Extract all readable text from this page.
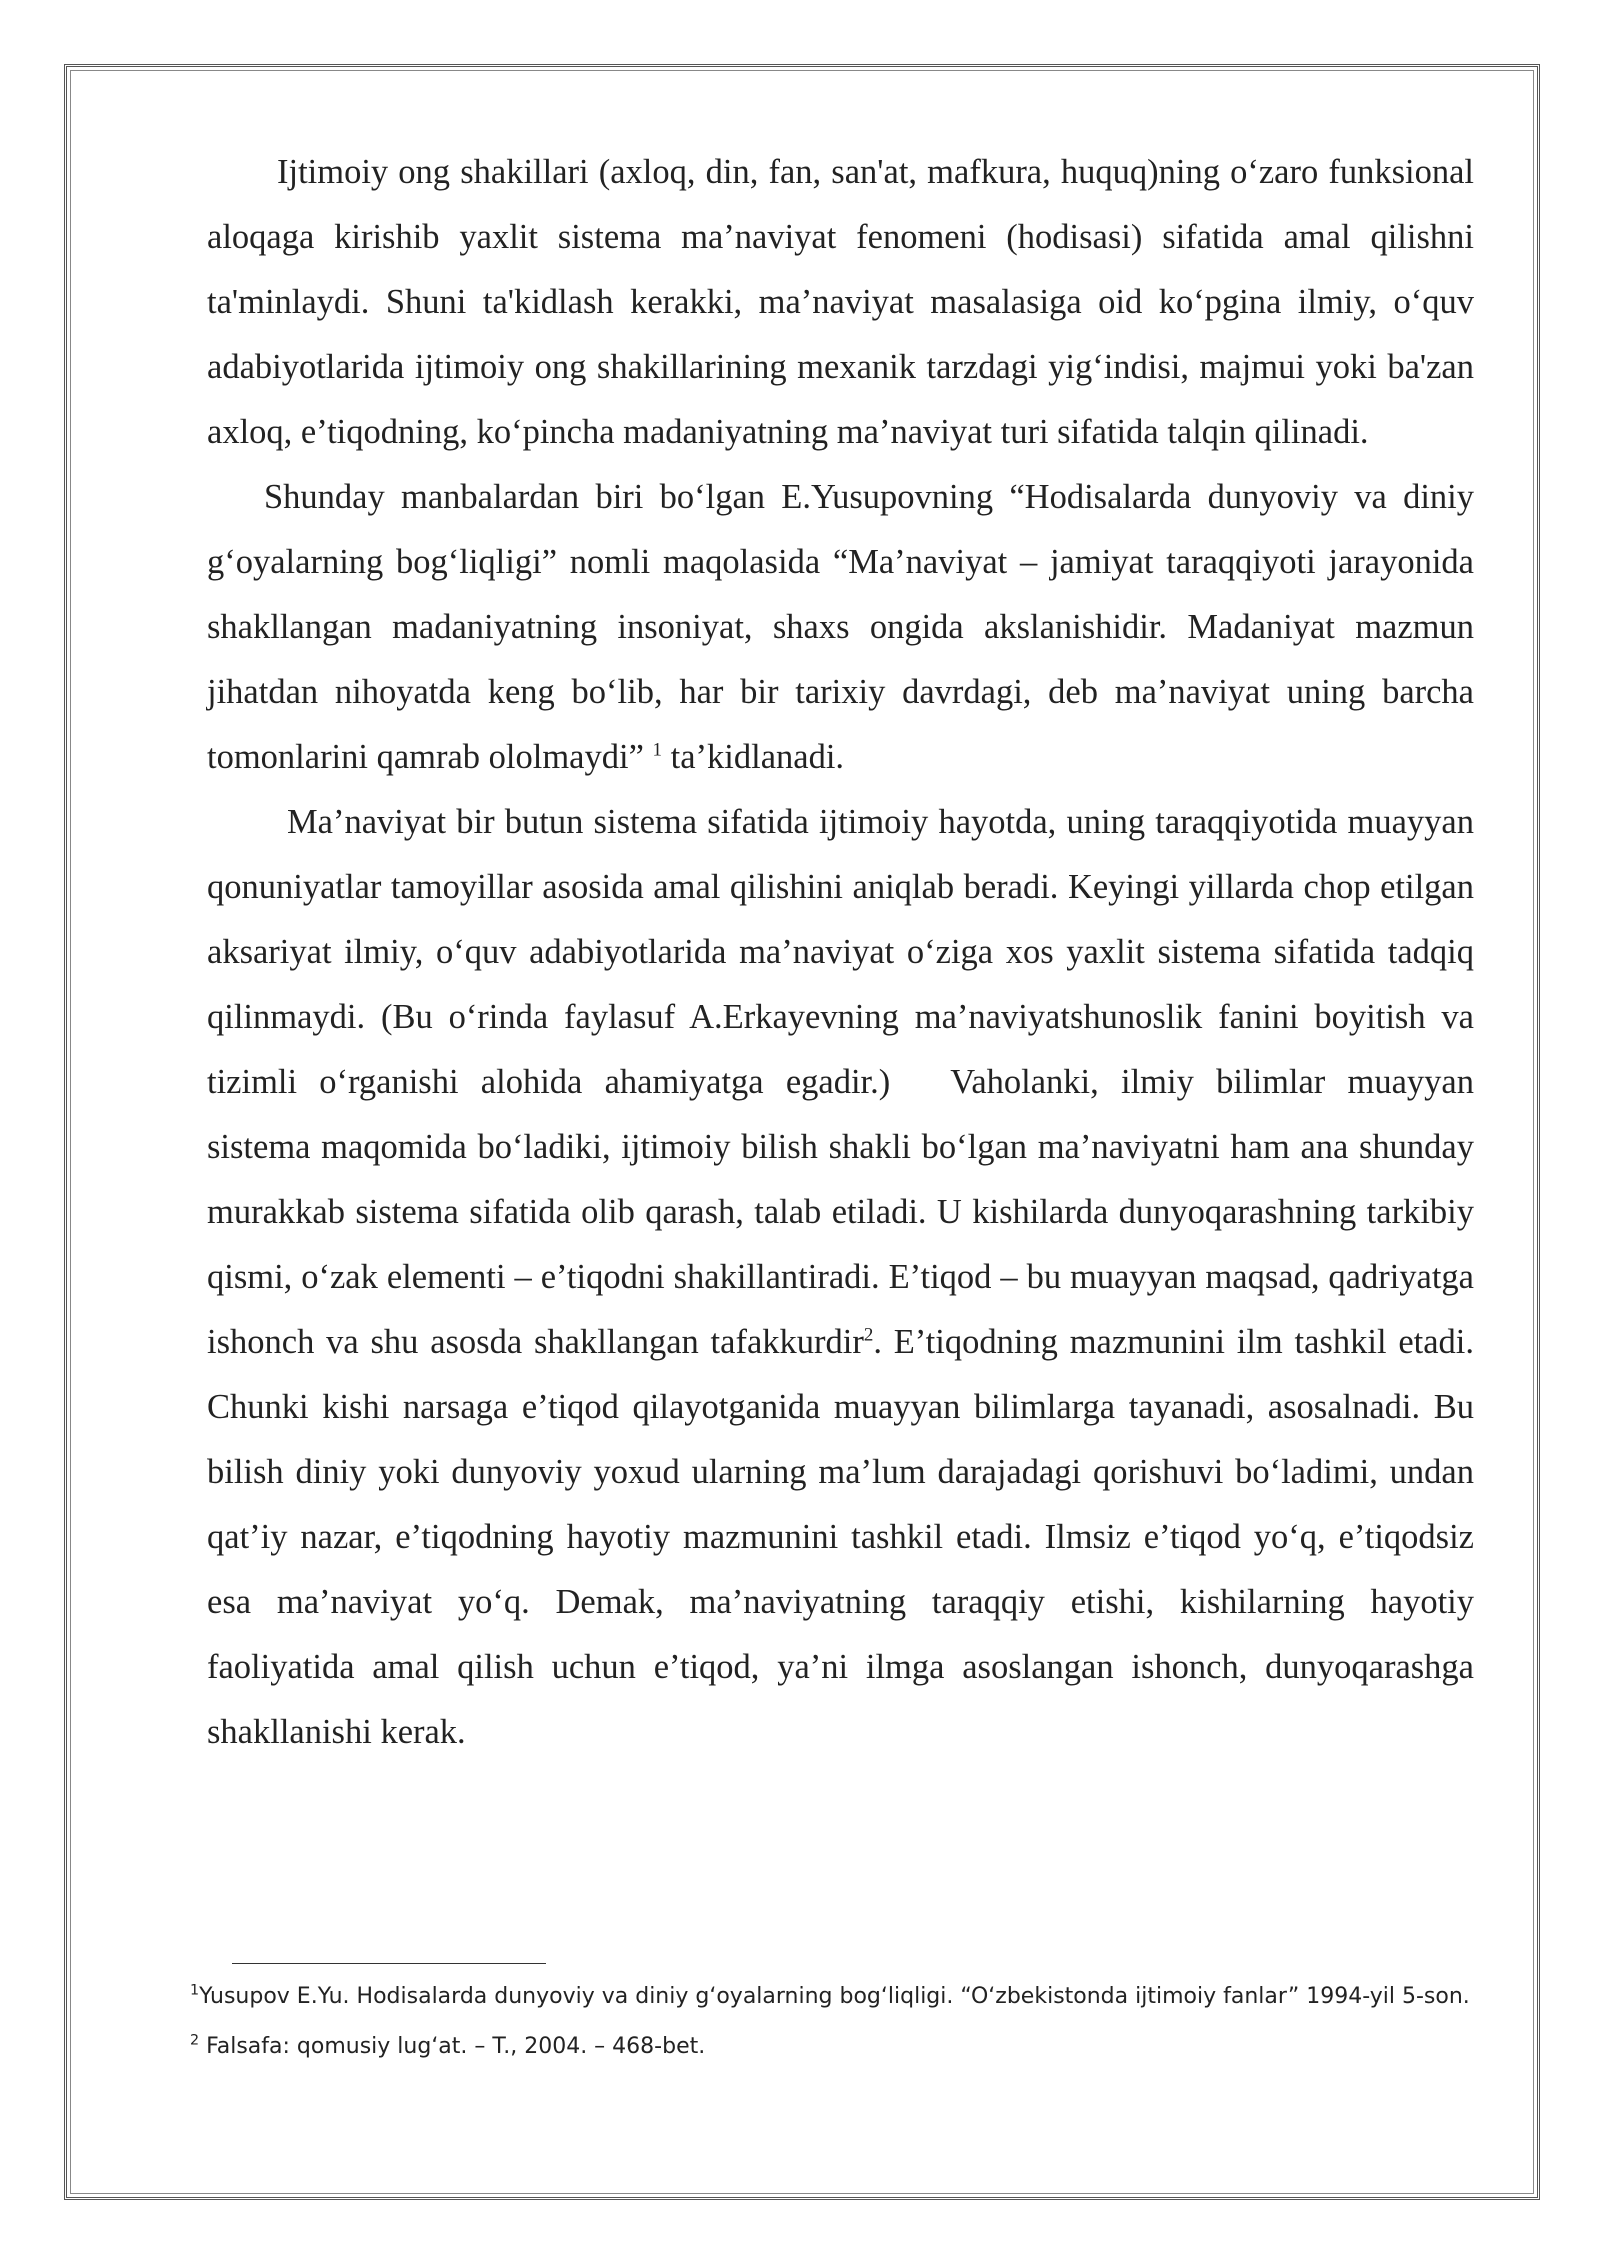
Ijtimoiy ong shakillari (axloq, din, fan, san'at, mafkura, huquq)ning o‘zaro funksional aloqaga kirishib yaxlit sistema ma’naviyat fenomeni (hodisasi) sifatida amal qilishni ta'minlaydi. Shuni ta'kidlash kerakki, ma’naviyat masalasiga oid ko‘pgina ilmiy, o‘quv adabiyotlarida ijtimoiy ong shakillarining mexanik tarzdagi yig‘indisi, majmui yoki ba'zan axloq, e’tiqodning, ko‘pincha madaniyatning ma’naviyat turi sifatida talqin qilinadi.

Shunday manbalardan biri bo‘lgan E.Yusupovning “Hodisalarda dunyoviy va diniy g‘oyalarning bog‘liqligi” nomli maqolasida “Ma’naviyat – jamiyat taraqqiyoti jarayonida shakllangan madaniyatning insoniyat, shaxs ongida akslanishidir. Madaniyat mazmun jihatdan nihoyatda keng bo‘lib, har bir tarixiy davrdagi, deb ma’naviyat uning barcha tomonlarini qamrab ololmaydi” $^1$ ta’kidlanadi.

Ma’naviyat bir butun sistema sifatida ijtimoiy hayotda, uning taraqqiyotida muayyan qonuniyatlar tamoyillar asosida amal qilishini aniqlab beradi. Keyingi yillarda chop etilgan aksariyat ilmiy, o‘quv adabiyotlarida ma’naviyat o‘ziga xos yaxlit sistema sifatida tadqiq qilinmaydi. (Bu o‘rinda faylasuf A.Erkayevning ma’naviyatshunoslik fanini boyitish va tizimli o‘rganishi alohida ahamiyatga egadir.) Vaholanki, ilmiy bilimlar muayyan sistema maqomida bo‘ladiki, ijtimoiy bilish shakli bo‘lgan ma’naviyatni ham ana shunday murakkab sistema sifatida olib qarash, talab etiladi. U kishilarda dunyoqarashning tarkibiy qismi, o‘zak elementi – e’tiqodni shakillantiradi. E’tiqod – bu muayyan maqsad, qadriyatga ishonch va shu asosda shakllangan tafakkurdir$^2$. E’tiqodning mazmunini ilm tashkil etadi. Chunki kishi narsaga e’tiqod qilayotganida muayyan bilimlarga tayanadi, asosalnadi. Bu bilish diniy yoki dunyoviy yoxud ularning ma’lum darajadagi qorishuvi bo‘ladimi, undan qat’iy nazar, e’tiqodning hayotiy mazmunini tashkil etadi. Ilmsiz e’tiqod yo‘q, e’tiqodsiz esa ma’naviyat yo‘q. Demak, ma’naviyatning taraqqiy etishi, kishilarning hayotiy faoliyatida amal qilish uchun e’tiqod, ya’ni ilmga asoslangan ishonch, dunyoqarashga shakllanishi kerak.

$^1$Yusupov E.Yu. Hodisalarda dunyoviy va diniy g‘oyalarning bog‘liqligi. “O‘zbekistonda ijtimoiy fanlar” 1994-yil 5-son.
$^2$ Falsafa: qomusiy lug‘at. – T., 2004. – 468-bet.
